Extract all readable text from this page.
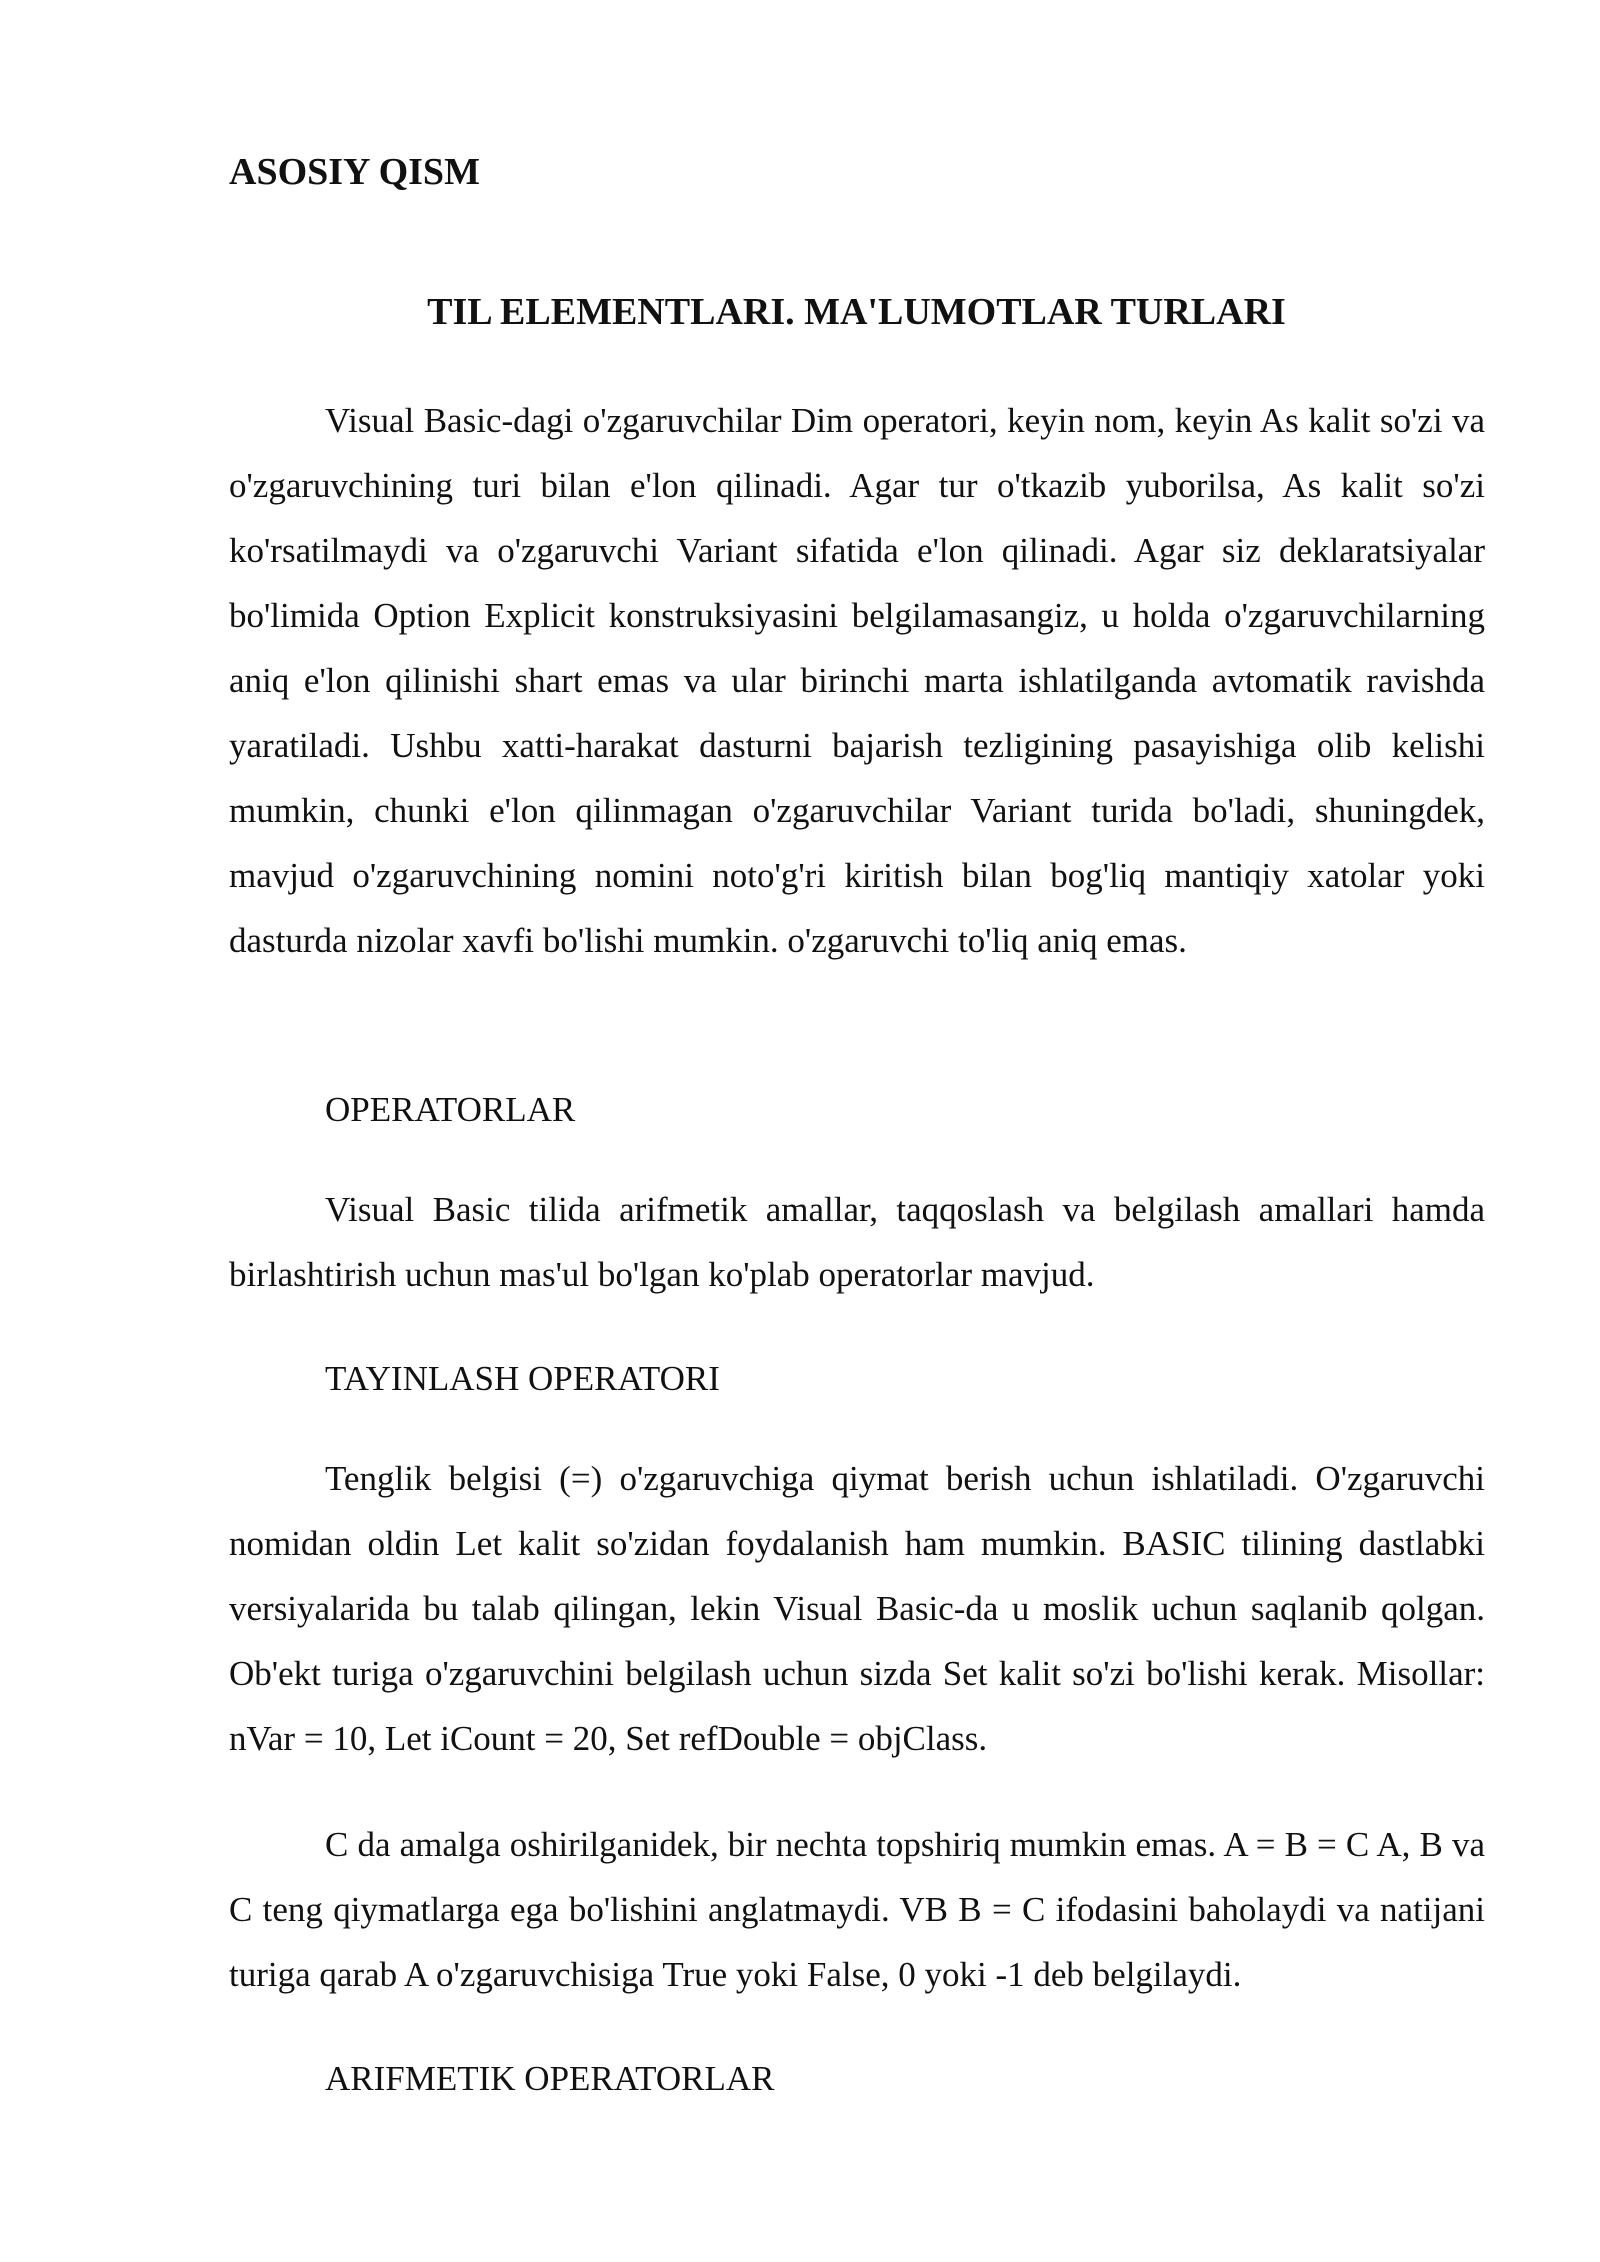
ASOSIY QISM
TIL ELEMENTLARI. MA'LUMOTLAR TURLARI

Visual Basic-dagi o'zgaruvchilar Dim operatori, keyin nom, keyin As kalit so'zi va o'zgaruvchining turi bilan e'lon qilinadi. Agar tur o'tkazib yuborilsa, As kalit so'zi ko'rsatilmaydi va o'zgaruvchi Variant sifatida e'lon qilinadi. Agar siz deklaratsiyalar bo'limida Option Explicit konstruksiyasini belgilamasangiz, u holda o'zgaruvchilarning aniq e'lon qilinishi shart emas va ular birinchi marta ishlatilganda avtomatik ravishda yaratiladi. Ushbu xatti-harakat dasturni bajarish tezligining pasayishiga olib kelishi mumkin, chunki e'lon qilinmagan o'zgaruvchilar Variant turida bo'ladi, shuningdek, mavjud o'zgaruvchining nomini noto'g'ri kiritish bilan bog'liq mantiqiy xatolar yoki dasturda nizolar xavfi bo'lishi mumkin. o'zgaruvchi to'liq aniq emas.

OPERATORLAR

Visual Basic tilida arifmetik amallar, taqqoslash va belgilash amallari hamda birlashtirish uchun mas'ul bo'lgan ko'plab operatorlar mavjud.

TAYINLASH OPERATORI

Tenglik belgisi (=) o'zgaruvchiga qiymat berish uchun ishlatiladi. O'zgaruvchi nomidan oldin Let kalit so'zidan foydalanish ham mumkin. BASIC tilining dastlabki versiyalarida bu talab qilingan, lekin Visual Basic-da u moslik uchun saqlanib qolgan. Ob'ekt turiga o'zgaruvchini belgilash uchun sizda Set kalit so'zi bo'lishi kerak. Misollar: nVar = 10, Let iCount = 20, Set refDouble = objClass.

C da amalga oshirilganidek, bir nechta topshiriq mumkin emas. A = B = C A, B va C teng qiymatlarga ega bo'lishini anglatmaydi. VB B = C ifodasini baholaydi va natijani turiga qarab A o'zgaruvchisiga True yoki False, 0 yoki -1 deb belgilaydi.

ARIFMETIK OPERATORLAR
